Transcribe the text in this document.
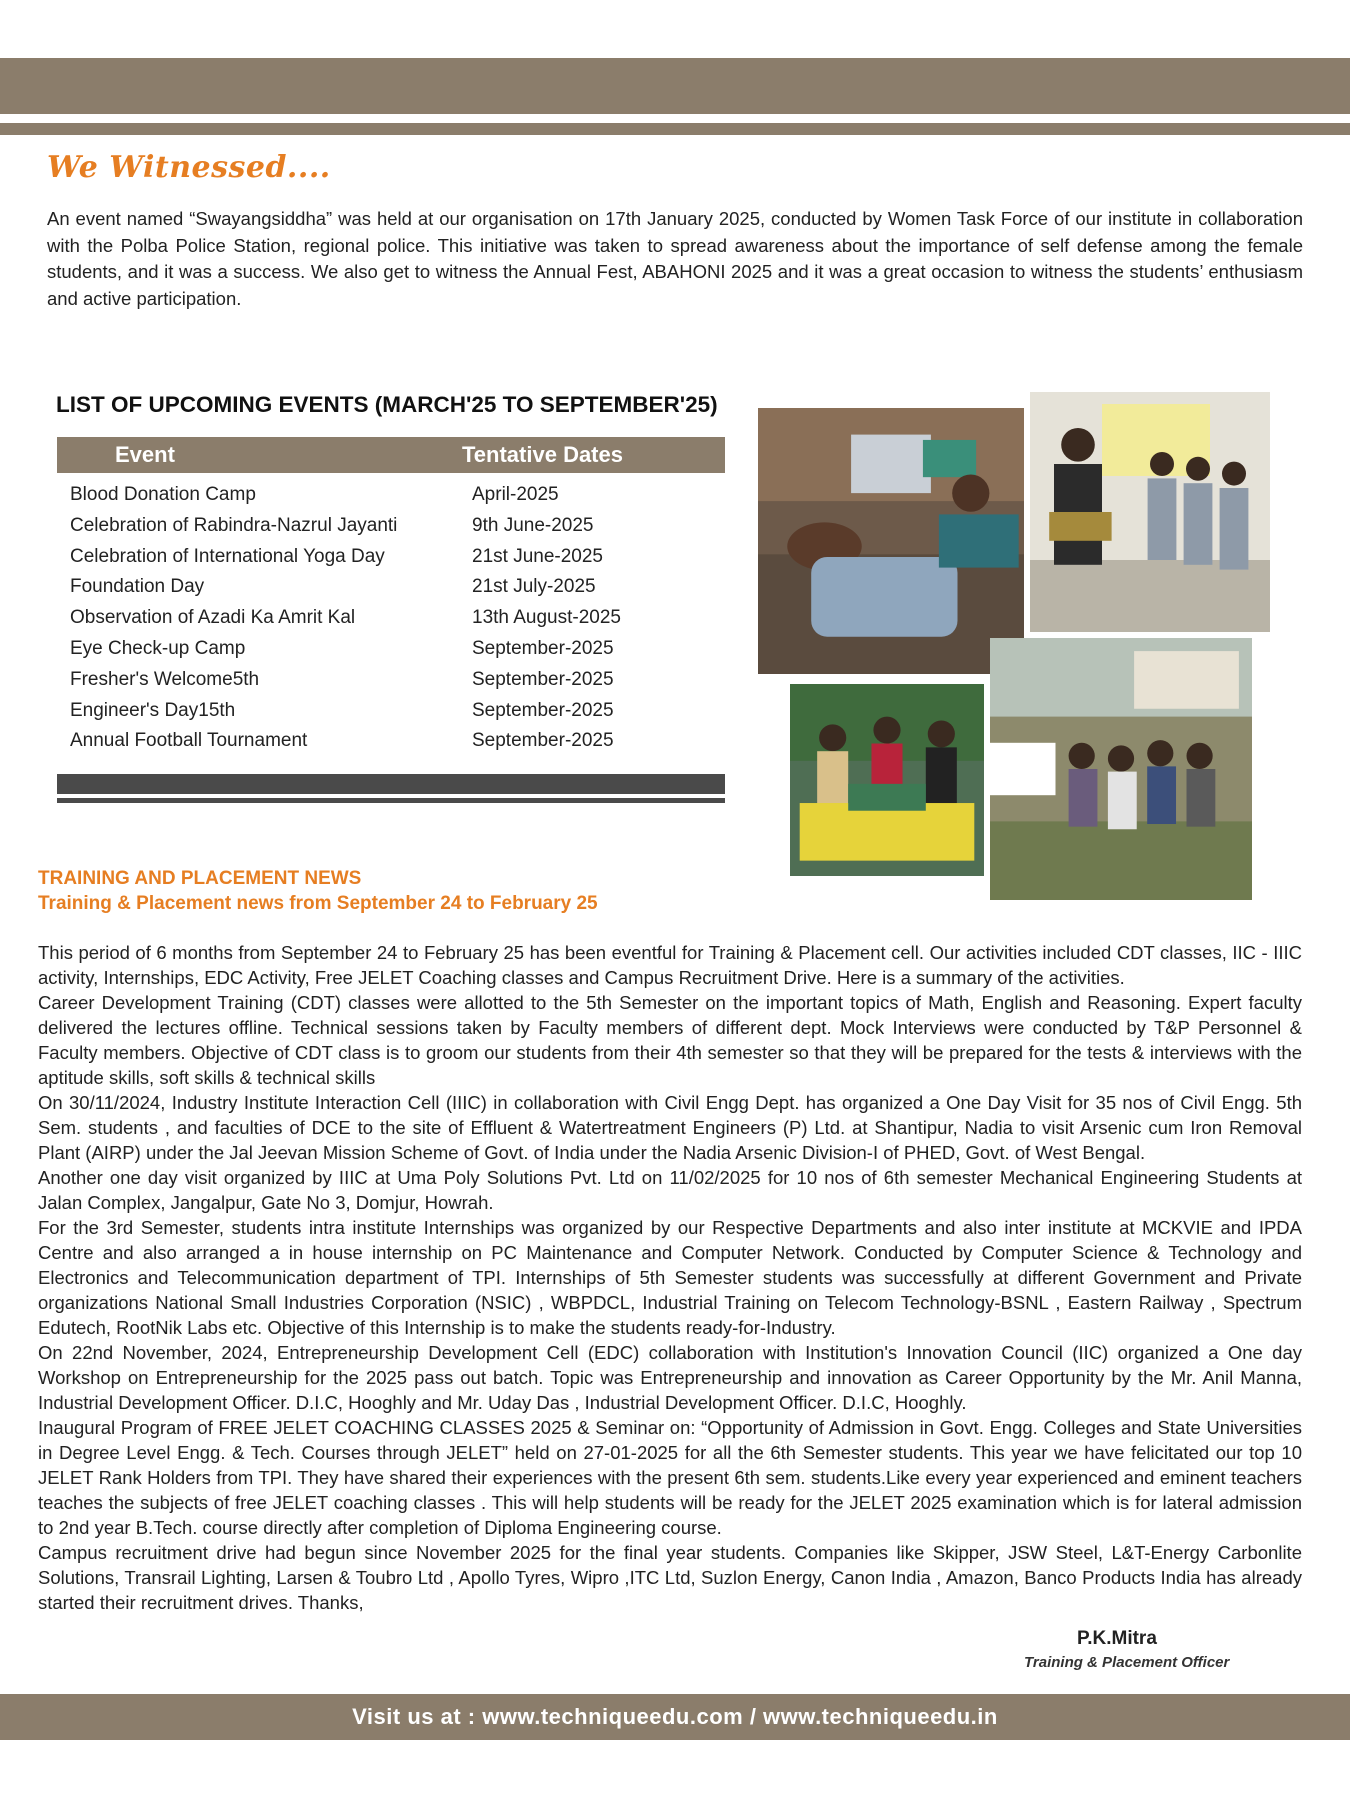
We Witnessed....
An event named “Swayangsiddha” was held at our organisation on 17th January 2025, conducted by Women Task Force of our institute in collaboration with the Polba Police Station, regional police. This initiative was taken to spread awareness about the importance of self defense among the female students, and it was a success. We also get to witness the Annual Fest, ABAHONI 2025 and it was a great occasion to witness the students’ enthusiasm and active participation.
LIST OF UPCOMING EVENTS (MARCH'25 TO SEPTEMBER'25)
Event	Tentative Dates
Blood Donation Camp	April-2025
Celebration of Rabindra-Nazrul Jayanti	9th June-2025
Celebration of International Yoga Day	21st June-2025
Foundation Day	21st July-2025
Observation of Azadi Ka Amrit Kal	13th August-2025
Eye Check-up Camp	September-2025
Fresher's Welcome5th	September-2025
Engineer's Day15th	September-2025
Annual Football Tournament	September-2025
TRAINING AND PLACEMENT NEWS
Training & Placement news from September 24 to February 25

This period of 6 months from September 24 to February 25 has been eventful for Training & Placement cell. Our activities included CDT classes, IIC - IIIC activity, Internships, EDC Activity, Free JELET Coaching classes and Campus Recruitment Drive. Here is a summary of the activities.

Career Development Training (CDT) classes were allotted to the 5th Semester on the important topics of Math, English and Reasoning. Expert faculty delivered the lectures offline. Technical sessions taken by Faculty members of different dept. Mock Interviews were conducted by T&P Personnel & Faculty members. Objective of CDT class is to groom our students from their 4th semester so that they will be prepared for the tests & interviews with the aptitude skills, soft skills & technical skills

On 30/11/2024, Industry Institute Interaction Cell (IIIC) in collaboration with Civil Engg Dept. has organized a One Day Visit for 35 nos of Civil Engg. 5th Sem. students , and faculties of DCE to the site of Effluent & Watertreatment Engineers (P) Ltd. at Shantipur, Nadia to visit Arsenic cum Iron Removal Plant (AIRP) under the Jal Jeevan Mission Scheme of Govt. of India under the Nadia Arsenic Division-I of PHED, Govt. of West Bengal.

Another one day visit organized by IIIC at Uma Poly Solutions Pvt. Ltd on 11/02/2025 for 10 nos of 6th semester Mechanical Engineering Students at Jalan Complex, Jangalpur, Gate No 3, Domjur, Howrah.

For the 3rd Semester, students intra institute Internships was organized by our Respective Departments and also inter institute at MCKVIE and IPDA Centre and also arranged a in house internship on PC Maintenance and Computer Network. Conducted by Computer Science & Technology and Electronics and Telecommunication department of TPI. Internships of 5th Semester students was successfully at different Government and Private organizations National Small Industries Corporation (NSIC) , WBPDCL, Industrial Training on Telecom Technology-BSNL , Eastern Railway , Spectrum Edutech, RootNik Labs etc. Objective of this Internship is to make the students ready-for-Industry.

On 22nd November, 2024, Entrepreneurship Development Cell (EDC) collaboration with Institution's Innovation Council (IIC) organized a One day Workshop on Entrepreneurship for the 2025 pass out batch. Topic was Entrepreneurship and innovation as Career Opportunity by the Mr. Anil Manna, Industrial Development Officer. D.I.C, Hooghly and Mr. Uday Das , Industrial Development Officer. D.I.C, Hooghly.

Inaugural Program of FREE JELET COACHING CLASSES 2025 & Seminar on: “Opportunity of Admission in Govt. Engg. Colleges and State Universities in Degree Level Engg. & Tech. Courses through JELET” held on 27-01-2025 for all the 6th Semester students. This year we have felicitated our top 10 JELET Rank Holders from TPI. They have shared their experiences with the present 6th sem. students.Like every year experienced and eminent teachers teaches the subjects of free JELET coaching classes . This will help students will be ready for the JELET 2025 examination which is for lateral admission to 2nd year B.Tech. course directly after completion of Diploma Engineering course.

Campus recruitment drive had begun since November 2025 for the final year students. Companies like Skipper, JSW Steel, L&T-Energy Carbonlite Solutions, Transrail Lighting, Larsen & Toubro Ltd , Apollo Tyres, Wipro ,ITC Ltd, Suzlon Energy, Canon India , Amazon, Banco Products India has already started their recruitment drives. Thanks,

P.K.Mitra
Training & Placement Officer
Visit us at : www.techniqueedu.com / www.techniqueedu.in
